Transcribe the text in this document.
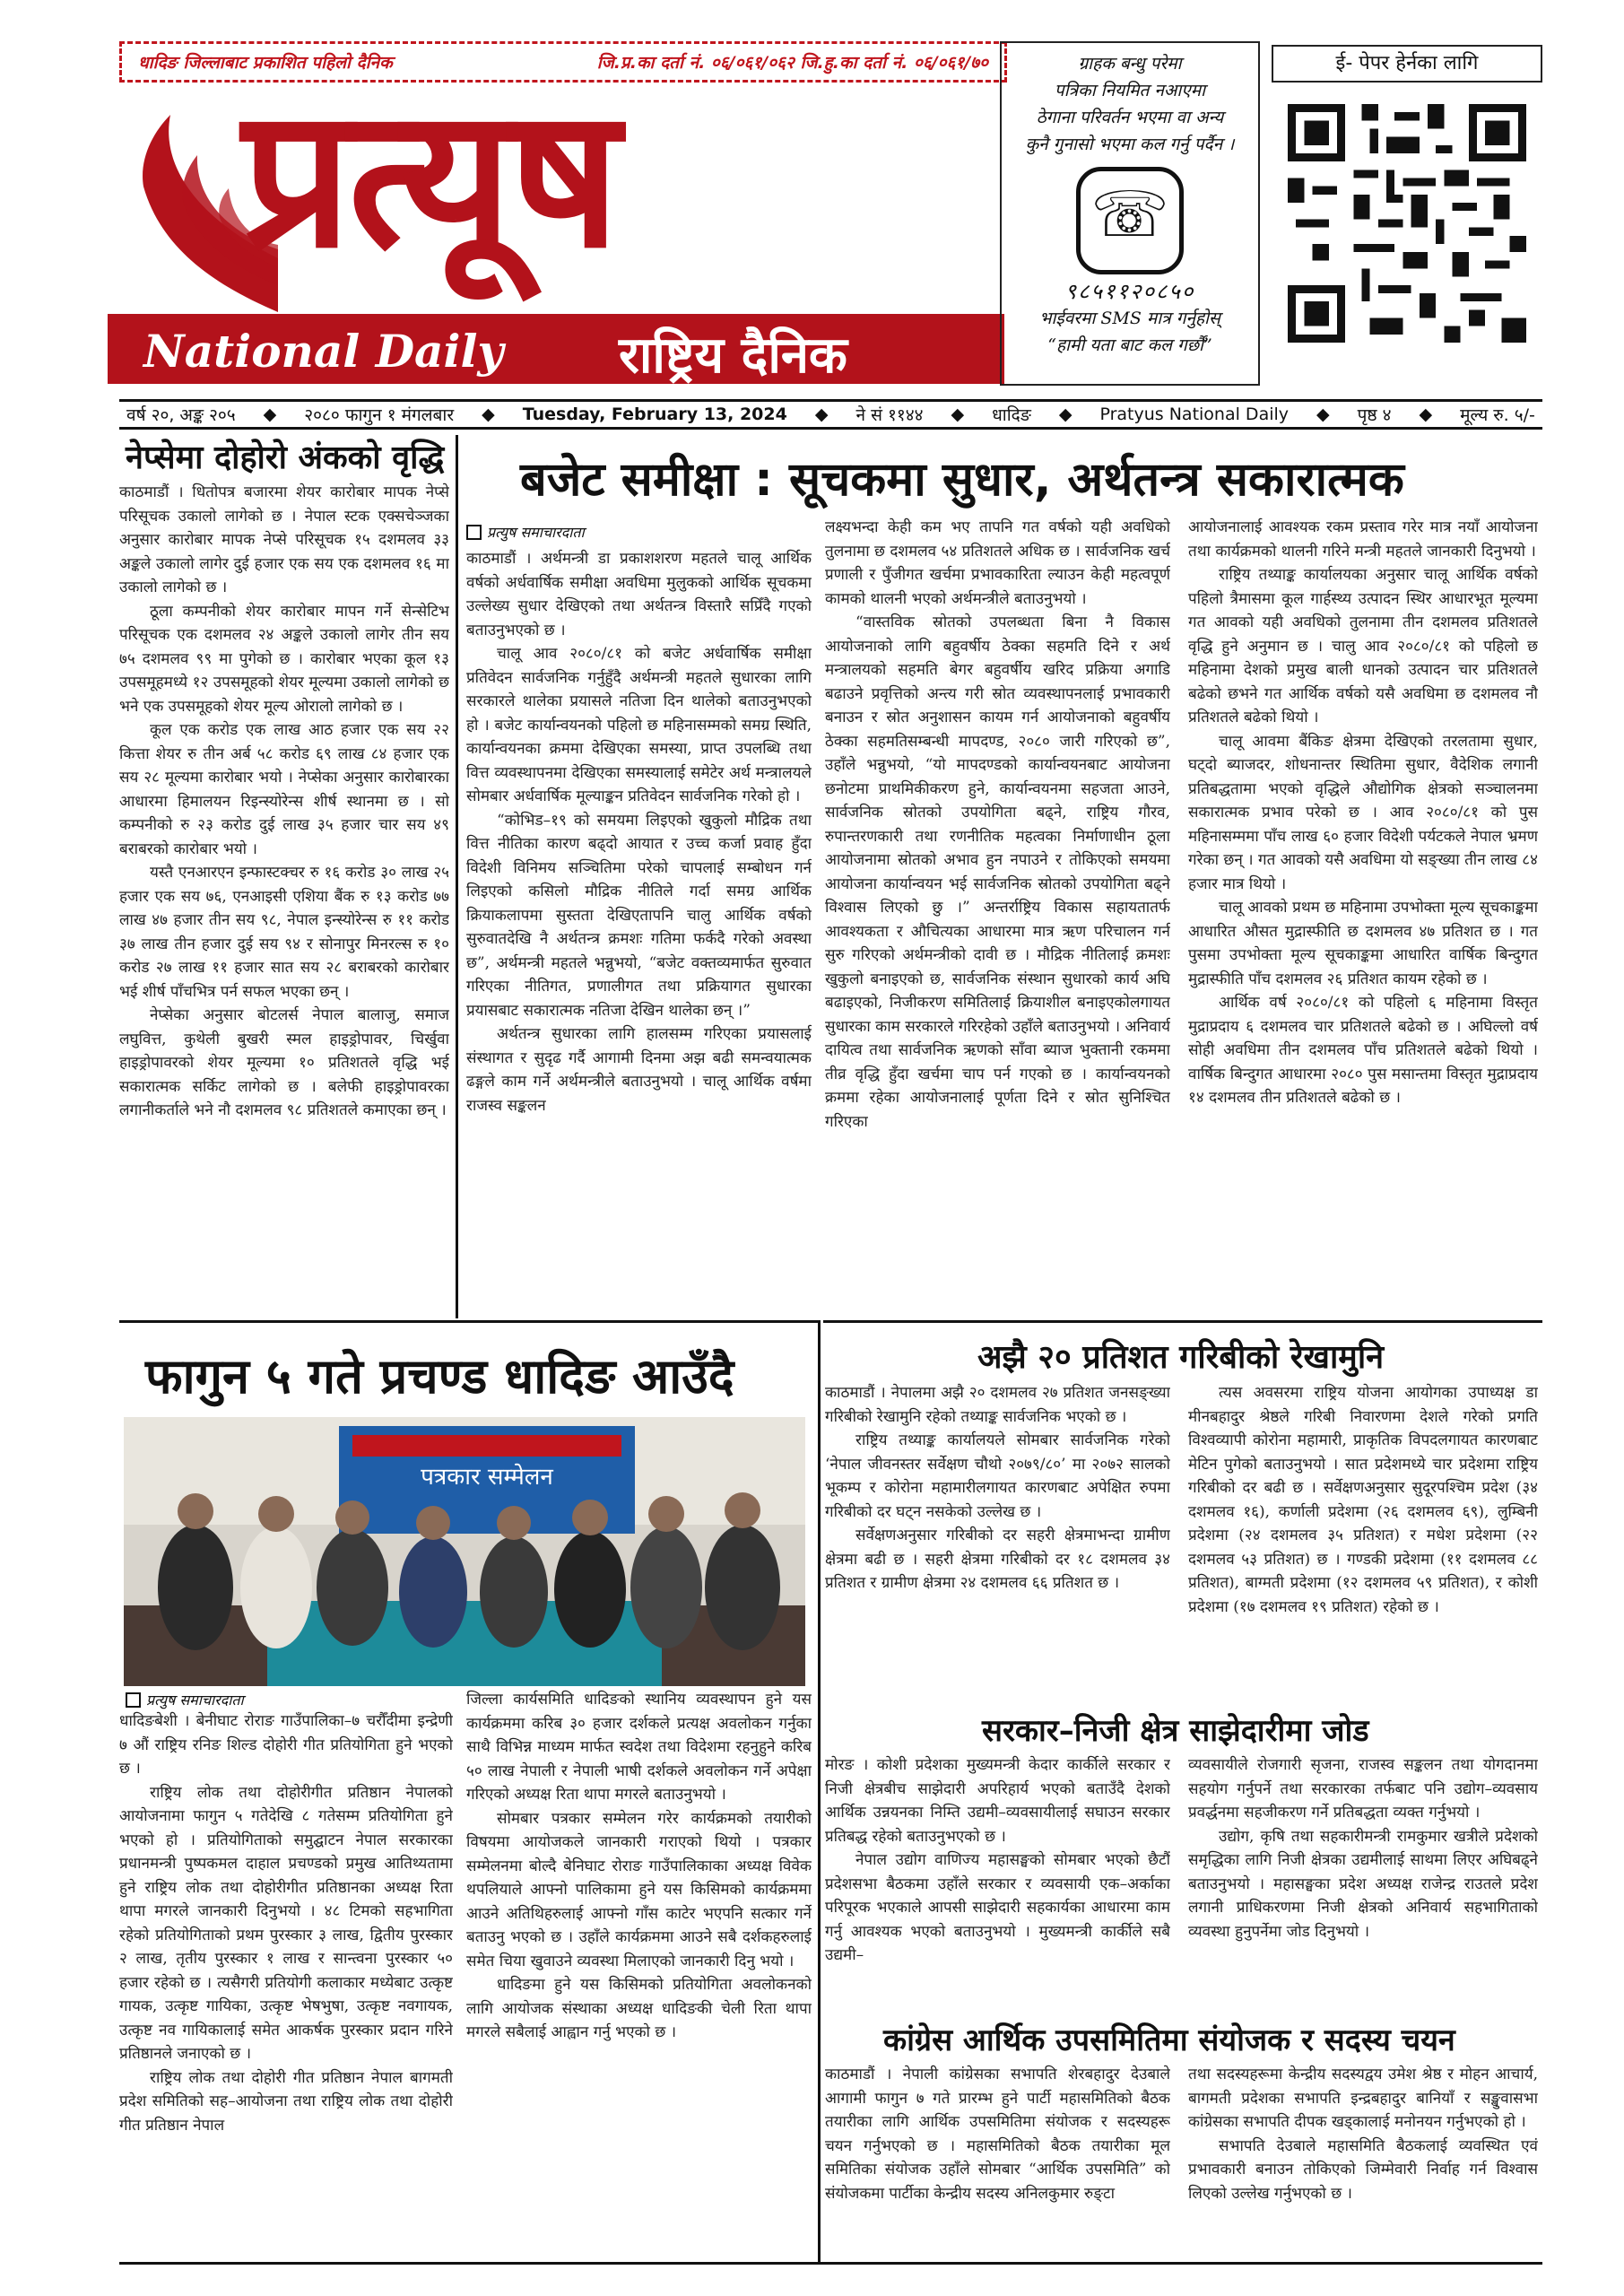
धादिङ जिल्लाबाट प्रकाशित पहिलो दैनिक	जि.प्र.का दर्ता नं. ०६/०६१/०६२ जि.हु.का दर्ता नं. ०६/०६१/७०
प्रत्यूष
National Daily राष्ट्रिय दैनिक
ग्राहक बन्धु परेमा
पत्रिका नियमित नआएमा
ठेगाना परिवर्तन भएमा वा अन्य
कुनै गुनासो भएमा कल गर्नु पर्दैन ।
☏
९८५११२०८५०
भाईवरमा SMS मात्र गर्नुहोस्
“हामी यता बाट कल गर्छौं”
ई- पेपर हेर्नका लागि
वर्ष २०, अङ्क २०५ ◆ २०८० फागुन १ मंगलबार ◆ Tuesday, February 13, 2024 ◆ ने सं ११४४ ◆ धादिङ ◆ Pratyus National Daily ◆ पृष्ठ ४ ◆ मूल्य रु. ५/-
नेप्सेमा दोहोरो अंकको वृद्धि

काठमाडौं । धितोपत्र बजारमा शेयर कारोबार मापक नेप्से परिसूचक उकालो लागेको छ । नेपाल स्टक एक्सचेञ्जका अनुसार कारोबार मापक नेप्से परिसूचक १५ दशमलव ३३ अङ्कले उकालो लागेर दुई हजार एक सय एक दशमलव १६ मा उकालो लागेको छ ।

ठूला कम्पनीको शेयर कारोबार मापन गर्ने सेन्सेटिभ परिसूचक एक दशमलव २४ अङ्कले उकालो लागेर तीन सय ७५ दशमलव ९९ मा पुगेको छ । कारोबार भएका कूल १३ उपसमूहमध्ये १२ उपसमूहको शेयर मूल्यमा उकालो लागेको छ भने एक उपसमूहको शेयर मूल्य ओरालो लागेको छ ।

कूल एक करोड एक लाख आठ हजार एक सय २२ कित्ता शेयर रु तीन अर्ब ५८ करोड ६९ लाख ८४ हजार एक सय २८ मूल्यमा कारोबार भयो । नेप्सेका अनुसार कारोबारका आधारमा हिमालयन रिइन्स्योरेन्स शीर्ष स्थानमा छ । सो कम्पनीको रु २३ करोड दुई लाख ३५ हजार चार सय ४९ बराबरको कारोबार भयो ।

यस्तै एनआरएन इन्फास्टक्चर रु १६ करोड ३० लाख २५ हजार एक सय ७६, एनआइसी एशिया बैंक रु १३ करोड ७७ लाख ४७ हजार तीन सय ९८, नेपाल इन्स्योरेन्स रु ११ करोड ३७ लाख तीन हजार दुई सय ९४ र सोनापुर मिनरल्स रु १० करोड २७ लाख ११ हजार सात सय २८ बराबरको कारोबार भई शीर्ष पाँचभित्र पर्न सफल भएका छन् ।

नेप्सेका अनुसार बोटलर्स नेपाल बालाजु, समाज लघुवित्त, कुथेली बुखरी स्मल हाइड्रोपावर, चिर्खुवा हाइड्रोपावरको शेयर मूल्यमा १० प्रतिशतले वृद्धि भई सकारात्मक सर्किट लागेको छ । बलेफी हाइड्रोपावरका लगानीकर्ताले भने नौ दशमलव ९८ प्रतिशतले कमाएका छन् ।

बजेट समीक्षा : सूचकमा सुधार, अर्थतन्त्र सकारात्मक
प्रत्युष समाचारदाता

काठमाडौं । अर्थमन्त्री डा प्रकाशशरण महतले चालू आर्थिक वर्षको अर्धवार्षिक समीक्षा अवधिमा मुलुकको आर्थिक सूचकमा उल्लेख्य सुधार देखिएको तथा अर्थतन्त्र विस्तारै सप्रिँदै गएको बताउनुभएको छ ।

चालू आव २०८०/८१ को बजेट अर्धवार्षिक समीक्षा प्रतिवेदन सार्वजनिक गर्नुहुँदै अर्थमन्त्री महतले सुधारका लागि सरकारले थालेका प्रयासले नतिजा दिन थालेको बताउनुभएको हो । बजेट कार्यान्वयनको पहिलो छ महिनासम्मको समग्र स्थिति, कार्यान्वयनका क्रममा देखिएका समस्या, प्राप्त उपलब्धि तथा वित्त व्यवस्थापनमा देखिएका समस्यालाई समेटेर अर्थ मन्त्रालयले सोमबार अर्धवार्षिक मूल्याङ्कन प्रतिवेदन सार्वजनिक गरेको हो ।

“कोभिड–१९ को समयमा लिइएको खुकुलो मौद्रिक तथा वित्त नीतिका कारण बढ्दो आयात र उच्च कर्जा प्रवाह हुँदा विदेशी विनिमय सञ्चितिमा परेको चापलाई सम्बोधन गर्न लिइएको कसिलो मौद्रिक नीतिले गर्दा समग्र आर्थिक क्रियाकलापमा सुस्तता देखिएतापनि चालु आर्थिक वर्षको सुरुवातदेखि नै अर्थतन्त्र क्रमशः गतिमा फर्कदै गरेको अवस्था छ”, अर्थमन्त्री महतले भन्नुभयो, “बजेट वक्तव्यमार्फत सुरुवात गरिएका नीतिगत, प्रणालीगत तथा प्रक्रियागत सुधारका प्रयासबाट सकारात्मक नतिजा देखिन थालेका छन् ।”

अर्थतन्त्र सुधारका लागि हालसम्म गरिएका प्रयासलाई संस्थागत र सुदृढ गर्दै आगामी दिनमा अझ बढी समन्वयात्मक ढङ्गले काम गर्ने अर्थमन्त्रीले बताउनुभयो । चालू आर्थिक वर्षमा राजस्व सङ्कलन

लक्ष्यभन्दा केही कम भए तापनि गत वर्षको यही अवधिको तुलनामा छ दशमलव ५४ प्रतिशतले अधिक छ । सार्वजनिक खर्च प्रणाली र पुँजीगत खर्चमा प्रभावकारिता ल्याउन केही महत्वपूर्ण कामको थालनी भएको अर्थमन्त्रीले बताउनुभयो ।

“वास्तविक स्रोतको उपलब्धता बिना नै विकास आयोजनाको लागि बहुवर्षीय ठेक्का सहमति दिने र अर्थ मन्त्रालयको सहमति बेगर बहुवर्षीय खरिद प्रक्रिया अगाडि बढाउने प्रवृत्तिको अन्त्य गरी स्रोत व्यवस्थापनलाई प्रभावकारी बनाउन र स्रोत अनुशासन कायम गर्न आयोजनाको बहुवर्षीय ठेक्का सहमतिसम्बन्धी मापदण्ड, २०८० जारी गरिएको छ”, उहाँले भन्नुभयो, “यो मापदण्डको कार्यान्वयनबाट आयोजना छनोटमा प्राथमिकीकरण हुने, कार्यान्वयनमा सहजता आउने, सार्वजनिक स्रोतको उपयोगिता बढ्ने, राष्ट्रिय गौरव, रुपान्तरणकारी तथा रणनीतिक महत्वका निर्माणाधीन ठूला आयोजनामा स्रोतको अभाव हुन नपाउने र तोकिएको समयमा आयोजना कार्यान्वयन भई सार्वजनिक स्रोतको उपयोगिता बढ्ने विश्वास लिएको छु ।” अन्तर्राष्ट्रिय विकास सहायतातर्फ आवश्यकता र औचित्यका आधारमा मात्र ऋण परिचालन गर्न सुरु गरिएको अर्थमन्त्रीको दावी छ । मौद्रिक नीतिलाई क्रमशः खुकुलो बनाइएको छ, सार्वजनिक संस्थान सुधारको कार्य अघि बढाइएको, निजीकरण समितिलाई क्रियाशील बनाइएकोलगायत सुधारका काम सरकारले गरिरहेको उहाँले बताउनुभयो । अनिवार्य दायित्व तथा सार्वजनिक ऋणको साँवा ब्याज भुक्तानी रकममा तीव्र वृद्धि हुँदा खर्चमा चाप पर्न गएको छ । कार्यान्वयनको क्रममा रहेका आयोजनालाई पूर्णता दिने र स्रोत सुनिश्चित गरिएका

आयोजनालाई आवश्यक रकम प्रस्ताव गरेर मात्र नयाँ आयोजना तथा कार्यक्रमको थालनी गरिने मन्त्री महतले जानकारी दिनुभयो ।

राष्ट्रिय तथ्याङ्क कार्यालयका अनुसार चालू आर्थिक वर्षको पहिलो त्रैमासमा कूल गार्हस्थ्य उत्पादन स्थिर आधारभूत मूल्यमा गत आवको यही अवधिको तुलनामा तीन दशमलव प्रतिशतले वृद्धि हुने अनुमान छ । चालु आव २०८०/८१ को पहिलो छ महिनामा देशको प्रमुख बाली धानको उत्पादन चार प्रतिशतले बढेको छभने गत आर्थिक वर्षको यसै अवधिमा छ दशमलव नौ प्रतिशतले बढेको थियो ।

चालू आवमा बैंकिङ क्षेत्रमा देखिएको तरलतामा सुधार, घट्दो ब्याजदर, शोधनान्तर स्थितिमा सुधार, वैदेशिक लगानी प्रतिबद्धतामा भएको वृद्धिले औद्योगिक क्षेत्रको सञ्चालनमा सकारात्मक प्रभाव परेको छ । आव २०८०/८१ को पुस महिनासम्ममा पाँच लाख ६० हजार विदेशी पर्यटकले नेपाल भ्रमण गरेका छन् । गत आवको यसै अवधिमा यो सङ्ख्या तीन लाख ८४ हजार मात्र थियो ।

चालू आवको प्रथम छ महिनामा उपभोक्ता मूल्य सूचकाङ्कमा आधारित औसत मुद्रास्फीति छ दशमलव ४७ प्रतिशत छ । गत पुसमा उपभोक्ता मूल्य सूचकाङ्कमा आधारित वार्षिक बिन्दुगत मुद्रास्फीति पाँच दशमलव २६ प्रतिशत कायम रहेको छ ।

आर्थिक वर्ष २०८०/८१ को पहिलो ६ महिनामा विस्तृत मुद्राप्रदाय ६ दशमलव चार प्रतिशतले बढेको छ । अघिल्लो वर्ष सोही अवधिमा तीन दशमलव पाँच प्रतिशतले बढेको थियो । वार्षिक बिन्दुगत आधारमा २०८० पुस मसान्तमा विस्तृत मुद्राप्रदाय १४ दशमलव तीन प्रतिशतले बढेको छ ।

फागुन ५ गते प्रचण्ड धादिङ आउँदै
पत्रकार सम्मेलन
प्रत्युष समाचारदाता

धादिङबेशी । बेनीघाट रोराङ गाउँपालिका–७ चरौँदीमा इन्द्रेणी ७ औं राष्ट्रिय रनिङ शिल्ड दोहोरी गीत प्रतियोगिता हुने भएको छ ।

राष्ट्रिय लोक तथा दोहोरीगीत प्रतिष्ठान नेपालको आयोजनामा फागुन ५ गतेदेखि ८ गतेसम्म प्रतियोगिता हुने भएको हो । प्रतियोगिताको समुद्घाटन नेपाल सरकारका प्रधानमन्त्री पुष्पकमल दाहाल प्रचण्डको प्रमुख आतिथ्यतामा हुने राष्ट्रिय लोक तथा दोहोरीगीत प्रतिष्ठानका अध्यक्ष रिता थापा मगरले जानकारी दिनुभयो । ४८ टिमको सहभागिता रहेको प्रतियोगिताको प्रथम पुरस्कार ३ लाख, द्वितीय पुरस्कार २ लाख, तृतीय पुरस्कार १ लाख र सान्त्वना पुरस्कार ५० हजार रहेको छ । त्यसैगरी प्रतियोगी कलाकार मध्येबाट उत्कृष्ट गायक, उत्कृष्ट गायिका, उत्कृष्ट भेषभुषा, उत्कृष्ट नवगायक, उत्कृष्ट नव गायिकालाई समेत आकर्षक पुरस्कार प्रदान गरिने प्रतिष्ठानले जनाएको छ ।

राष्ट्रिय लोक तथा दोहोरी गीत प्रतिष्ठान नेपाल बागमती प्रदेश समितिको सह–आयोजना तथा राष्ट्रिय लोक तथा दोहोरी गीत प्रतिष्ठान नेपाल

जिल्ला कार्यसमिति धादिङको स्थानिय व्यवस्थापन हुने यस कार्यक्रममा करिब ३० हजार दर्शकले प्रत्यक्ष अवलोकन गर्नुका साथै विभिन्न माध्यम मार्फत स्वदेश तथा विदेशमा रहनुहुने करिब ५० लाख नेपाली र नेपाली भाषी दर्शकले अवलोकन गर्ने अपेक्षा गरिएको अध्यक्ष रिता थापा मगरले बताउनुभयो ।

सोमबार पत्रकार सम्मेलन गरेर कार्यक्रमको तयारीको विषयमा आयोजकले जानकारी गराएको थियो । पत्रकार सम्मेलनमा बोल्दै बेनिघाट रोराङ गाउँपालिकाका अध्यक्ष विवेक थपलियाले आफ्नो पालिकामा हुने यस किसिमको कार्यक्रममा आउने अतिथिहरुलाई आफ्नो गाँस काटेर भएपनि सत्कार गर्ने बताउनु भएको छ । उहाँले कार्यक्रममा आउने सबै दर्शकहरुलाई समेत चिया खुवाउने व्यवस्था मिलाएको जानकारी दिनु भयो ।

धादिङमा हुने यस किसिमको प्रतियोगिता अवलोकनको लागि आयोजक संस्थाका अध्यक्ष धादिङकी चेली रिता थापा मगरले सबैलाई आह्वान गर्नु भएको छ ।

अझै २० प्रतिशत गरिबीको रेखामुनि

काठमाडौं । नेपालमा अझै २० दशमलव २७ प्रतिशत जनसङ्ख्या गरिबीको रेखामुनि रहेको तथ्याङ्क सार्वजनिक भएको छ ।

राष्ट्रिय तथ्याङ्क कार्यालयले सोमबार सार्वजनिक गरेको ‘नेपाल जीवनस्तर सर्वेक्षण चौथो २०७९/८०’ मा २०७२ सालको भूकम्प र कोरोना महामारीलगायत कारणबाट अपेक्षित रुपमा गरिबीको दर घट्न नसकेको उल्लेख छ ।

सर्वेक्षणअनुसार गरिबीको दर सहरी क्षेत्रमाभन्दा ग्रामीण क्षेत्रमा बढी छ । सहरी क्षेत्रमा गरिबीको दर १८ दशमलव ३४ प्रतिशत र ग्रामीण क्षेत्रमा २४ दशमलव ६६ प्रतिशत छ ।

त्यस अवसरमा राष्ट्रिय योजना आयोगका उपाध्यक्ष डा मीनबहादुर श्रेष्ठले गरिबी निवारणमा देशले गरेको प्रगति विश्वव्यापी कोरोना महामारी, प्राकृतिक विपदलगायत कारणबाट मेटिन पुगेको बताउनुभयो । सात प्रदेशमध्ये चार प्रदेशमा राष्ट्रिय गरिबीको दर बढी छ । सर्वेक्षणअनुसार सुदूरपश्चिम प्रदेश (३४ दशमलव १६), कर्णाली प्रदेशमा (२६ दशमलव ६९), लुम्बिनी प्रदेशमा (२४ दशमलव ३५ प्रतिशत) र मधेश प्रदेशमा (२२ दशमलव ५३ प्रतिशत) छ । गण्डकी प्रदेशमा (११ दशमलव ८८ प्रतिशत), बाग्मती प्रदेशमा (१२ दशमलव ५९ प्रतिशत), र कोशी प्रदेशमा (१७ दशमलव १९ प्रतिशत) रहेको छ ।

सरकार–निजी क्षेत्र साझेदारीमा जोड

मोरङ । कोशी प्रदेशका मुख्यमन्त्री केदार कार्कीले सरकार र निजी क्षेत्रबीच साझेदारी अपरिहार्य भएको बताउँदै देशको आर्थिक उन्नयनका निम्ति उद्यमी–व्यवसायीलाई सघाउन सरकार प्रतिबद्ध रहेको बताउनुभएको छ ।

नेपाल उद्योग वाणिज्य महासङ्घको सोमबार भएको छैटौं प्रदेशसभा बैठकमा उहाँले सरकार र व्यवसायी एक–अर्काका परिपूरक भएकाले आपसी साझेदारी सहकार्यका आधारमा काम गर्नु आवश्यक भएको बताउनुभयो । मुख्यमन्त्री कार्कीले सबै उद्यमी–

व्यवसायीले रोजगारी सृजना, राजस्व सङ्कलन तथा योगदानमा सहयोग गर्नुपर्ने तथा सरकारका तर्फबाट पनि उद्योग–व्यवसाय प्रवर्द्धनमा सहजीकरण गर्ने प्रतिबद्धता व्यक्त गर्नुभयो ।

उद्योग, कृषि तथा सहकारीमन्त्री रामकुमार खत्रीले प्रदेशको समृद्धिका लागि निजी क्षेत्रका उद्यमीलाई साथमा लिएर अघिबढ्ने बताउनुभयो । महासङ्घका प्रदेश अध्यक्ष राजेन्द्र राउतले प्रदेश लगानी प्राधिकरणमा निजी क्षेत्रको अनिवार्य सहभागिताको व्यवस्था हुनुपर्नेमा जोड दिनुभयो ।

कांग्रेस आर्थिक उपसमितिमा संयोजक र सदस्य चयन

काठमाडौं । नेपाली कांग्रेसका सभापति शेरबहादुर देउबाले आगामी फागुन ७ गते प्रारम्भ हुने पार्टी महासमितिको बैठक तयारीका लागि आर्थिक उपसमितिमा संयोजक र सदस्यहरू चयन गर्नुभएको छ । महासमितिको बैठक तयारीका मूल समितिका संयोजक उहाँले सोमबार “आर्थिक उपसमिति” को संयोजकमा पार्टीका केन्द्रीय सदस्य अनिलकुमार रुङ्टा

तथा सदस्यहरूमा केन्द्रीय सदस्यद्वय उमेश श्रेष्ठ र मोहन आचार्य, बागमती प्रदेशका सभापति इन्द्रबहादुर बानियाँ र सङ्खुवासभा कांग्रेसका सभापति दीपक खड्कालाई मनोनयन गर्नुभएको हो ।

सभापति देउबाले महासमिति बैठकलाई व्यवस्थित एवं प्रभावकारी बनाउन तोकिएको जिम्मेवारी निर्वाह गर्न विश्वास लिएको उल्लेख गर्नुभएको छ ।
